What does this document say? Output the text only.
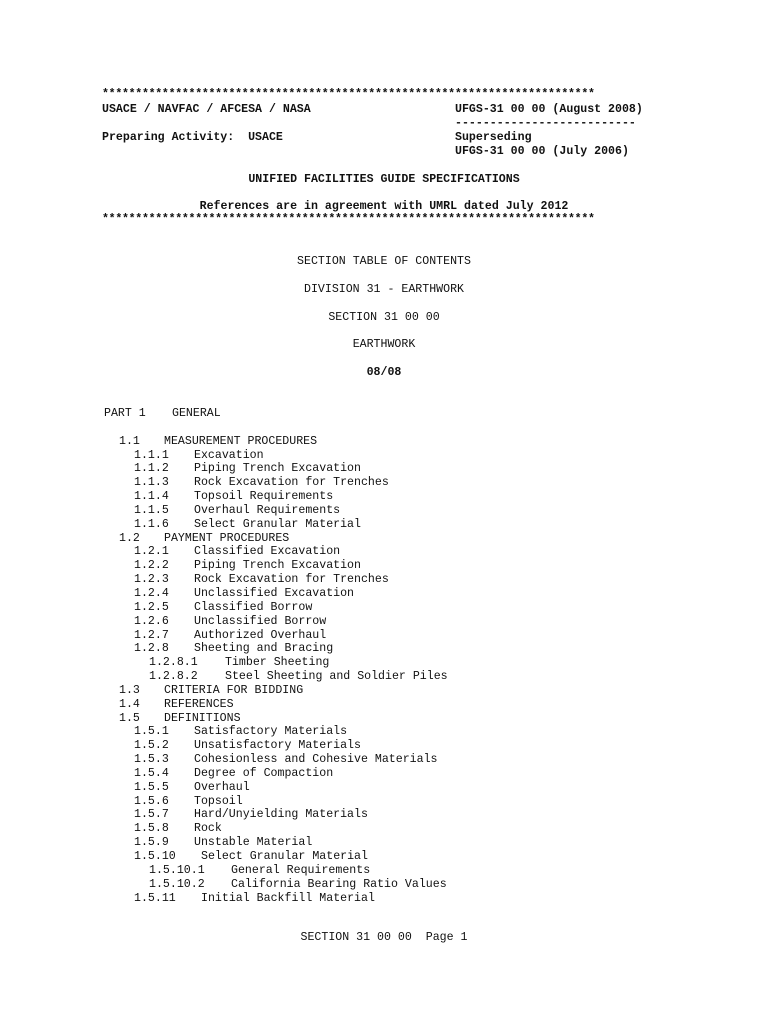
**************************************************************************
USACE / NAVFAC / AFCESA / NASA	UFGS-31 00 00 (August 2008)
--------------------------
Preparing Activity:  USACE	Superseding
UFGS-31 00 00 (July 2006)
UNIFIED FACILITIES GUIDE SPECIFICATIONS
References are in agreement with UMRL dated July 2012
**************************************************************************
SECTION TABLE OF CONTENTS
DIVISION 31 - EARTHWORK
SECTION 31 00 00
EARTHWORK
08/08
PART 1 GENERAL
1.1 MEASUREMENT PROCEDURES
1.1.1 Excavation
1.1.2 Piping Trench Excavation
1.1.3 Rock Excavation for Trenches
1.1.4 Topsoil Requirements
1.1.5 Overhaul Requirements
1.1.6 Select Granular Material
1.2 PAYMENT PROCEDURES
1.2.1 Classified Excavation
1.2.2 Piping Trench Excavation
1.2.3 Rock Excavation for Trenches
1.2.4 Unclassified Excavation
1.2.5 Classified Borrow
1.2.6 Unclassified Borrow
1.2.7 Authorized Overhaul
1.2.8 Sheeting and Bracing
1.2.8.1 Timber Sheeting
1.2.8.2 Steel Sheeting and Soldier Piles
1.3 CRITERIA FOR BIDDING
1.4 REFERENCES
1.5 DEFINITIONS
1.5.1 Satisfactory Materials
1.5.2 Unsatisfactory Materials
1.5.3 Cohesionless and Cohesive Materials
1.5.4 Degree of Compaction
1.5.5 Overhaul
1.5.6 Topsoil
1.5.7 Hard/Unyielding Materials
1.5.8 Rock
1.5.9 Unstable Material
1.5.10 Select Granular Material
1.5.10.1 General Requirements
1.5.10.2 California Bearing Ratio Values
1.5.11 Initial Backfill Material
SECTION 31 00 00  Page 1
